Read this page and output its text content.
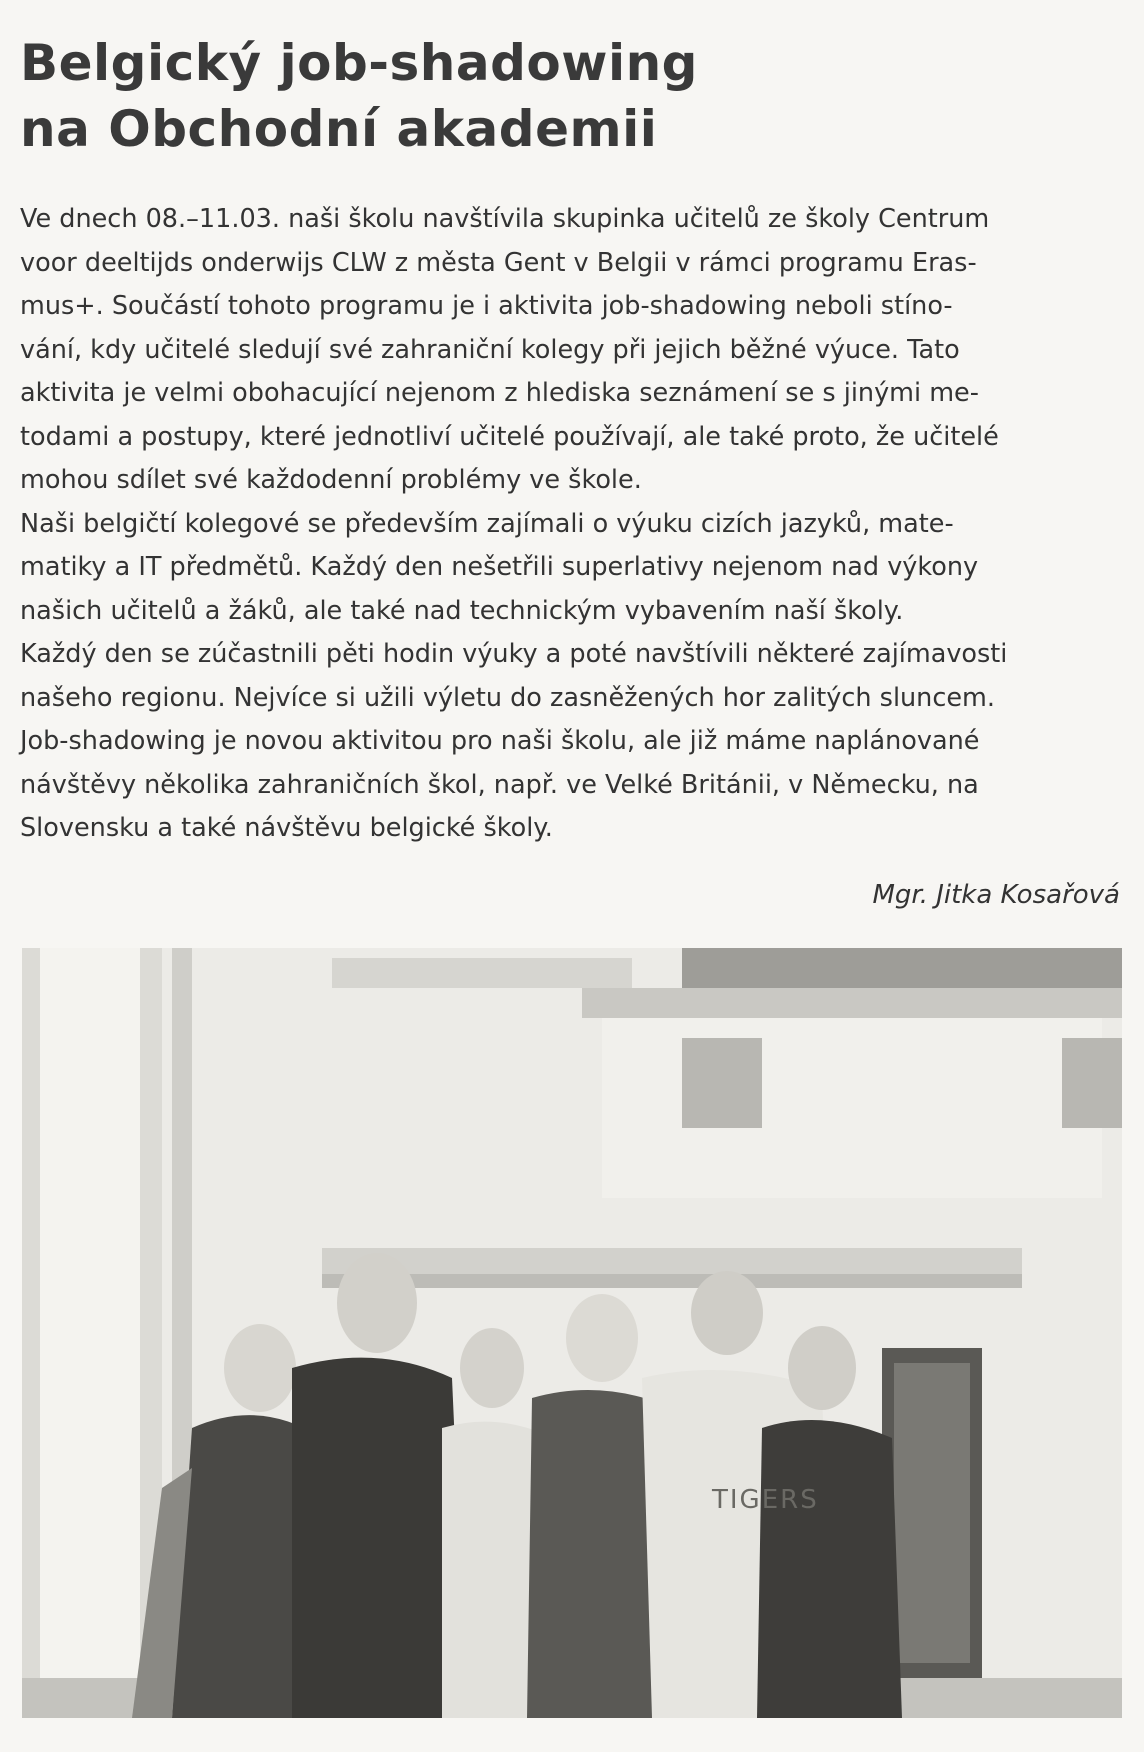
Belgický job-shadowing
na Obchodní akademii
Ve dnech 08.–11.03. naši školu navštívila skupinka učitelů ze školy Centrum
voor deeltijds onderwijs CLW z města Gent v Belgii v rámci programu Eras-
mus+. Součástí tohoto programu je i aktivita job-shadowing neboli stíno-
vání, kdy učitelé sledují své zahraniční kolegy při jejich běžné výuce. Tato
aktivita je velmi obohacující nejenom z hlediska seznámení se s jinými me-
todami a postupy, které jednotliví učitelé používají, ale také proto, že učitelé
mohou sdílet své každodenní problémy ve škole.
Naši belgičtí kolegové se především zajímali o výuku cizích jazyků, mate-
matiky a IT předmětů. Každý den nešetřili superlativy nejenom nad výkony
našich učitelů a žáků, ale také nad technickým vybavením naší školy.
Každý den se zúčastnili pěti hodin výuky a poté navštívili některé zajímavosti
našeho regionu. Nejvíce si užili výletu do zasněžených hor zalitých sluncem.
Job-shadowing je novou aktivitou pro naši školu, ale již máme naplánované
návštěvy několika zahraničních škol, např. ve Velké Británii, v Německu, na
Slovensku a také návštěvu belgické školy.
Mgr. Jitka Kosařová
TIGERS
